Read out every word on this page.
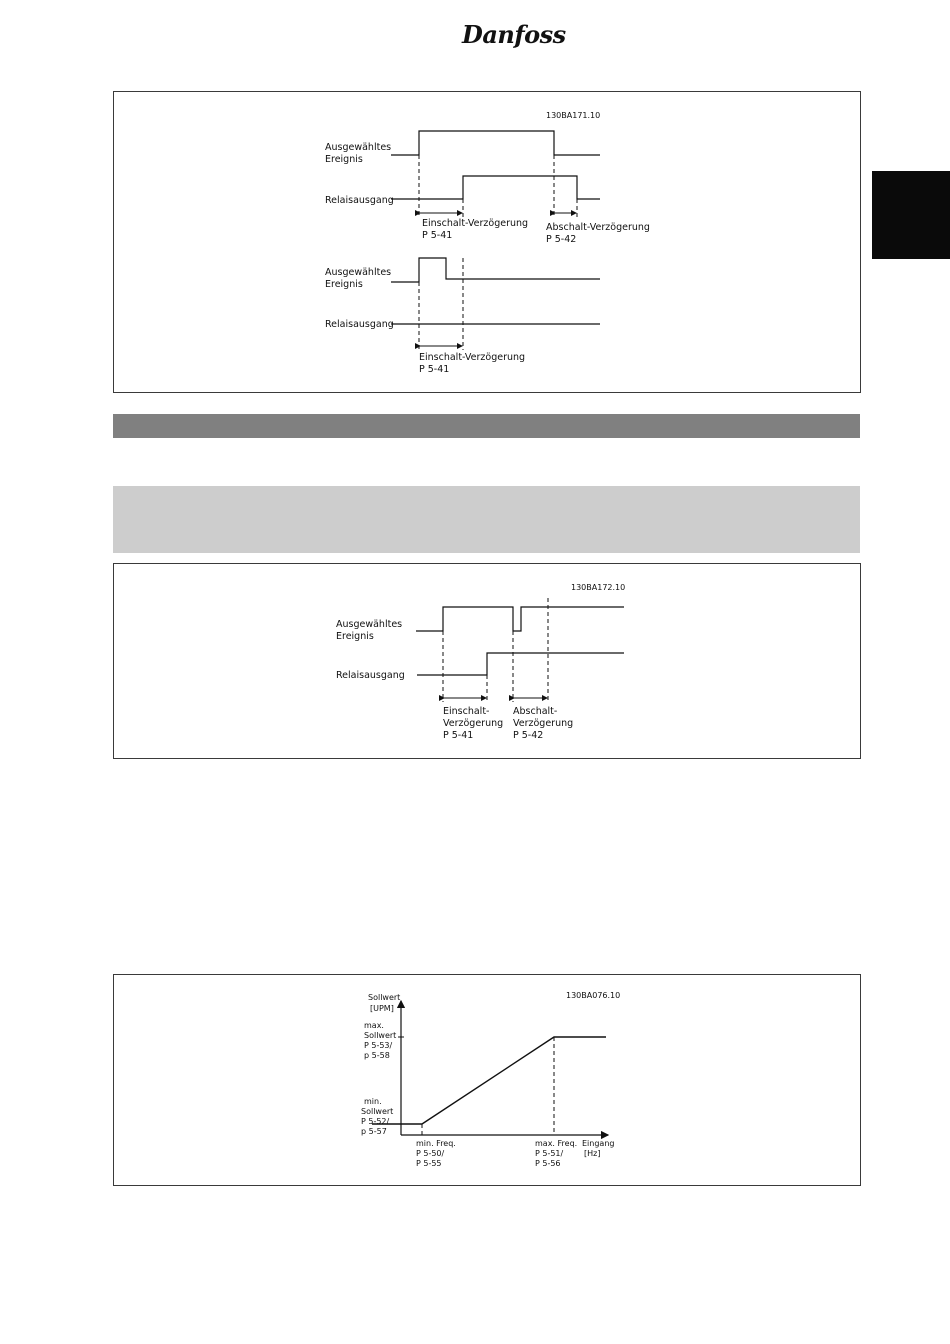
Danfoss
130BA171.10
Ausgewähltes
Ereignis
Relaisausgang
Einschalt-Verzögerung
P 5-41
Abschalt-Verzögerung
P 5-42
Ausgewähltes
Ereignis
Relaisausgang
Einschalt-Verzögerung
P 5-41
130BA172.10
Ausgewähltes
Ereignis
Relaisausgang
Einschalt-
Verzögerung
P 5-41
Abschalt-
Verzögerung
P 5-42
130BA076.10
Sollwert
[UPM]
max.
Sollwert
P 5-53/
p 5-58
min.
Sollwert
P 5-52/
p 5-57
min. Freq.
P 5-50/
P 5-55
max. Freq.
P 5-51/
P 5-56
Eingang
[Hz]
